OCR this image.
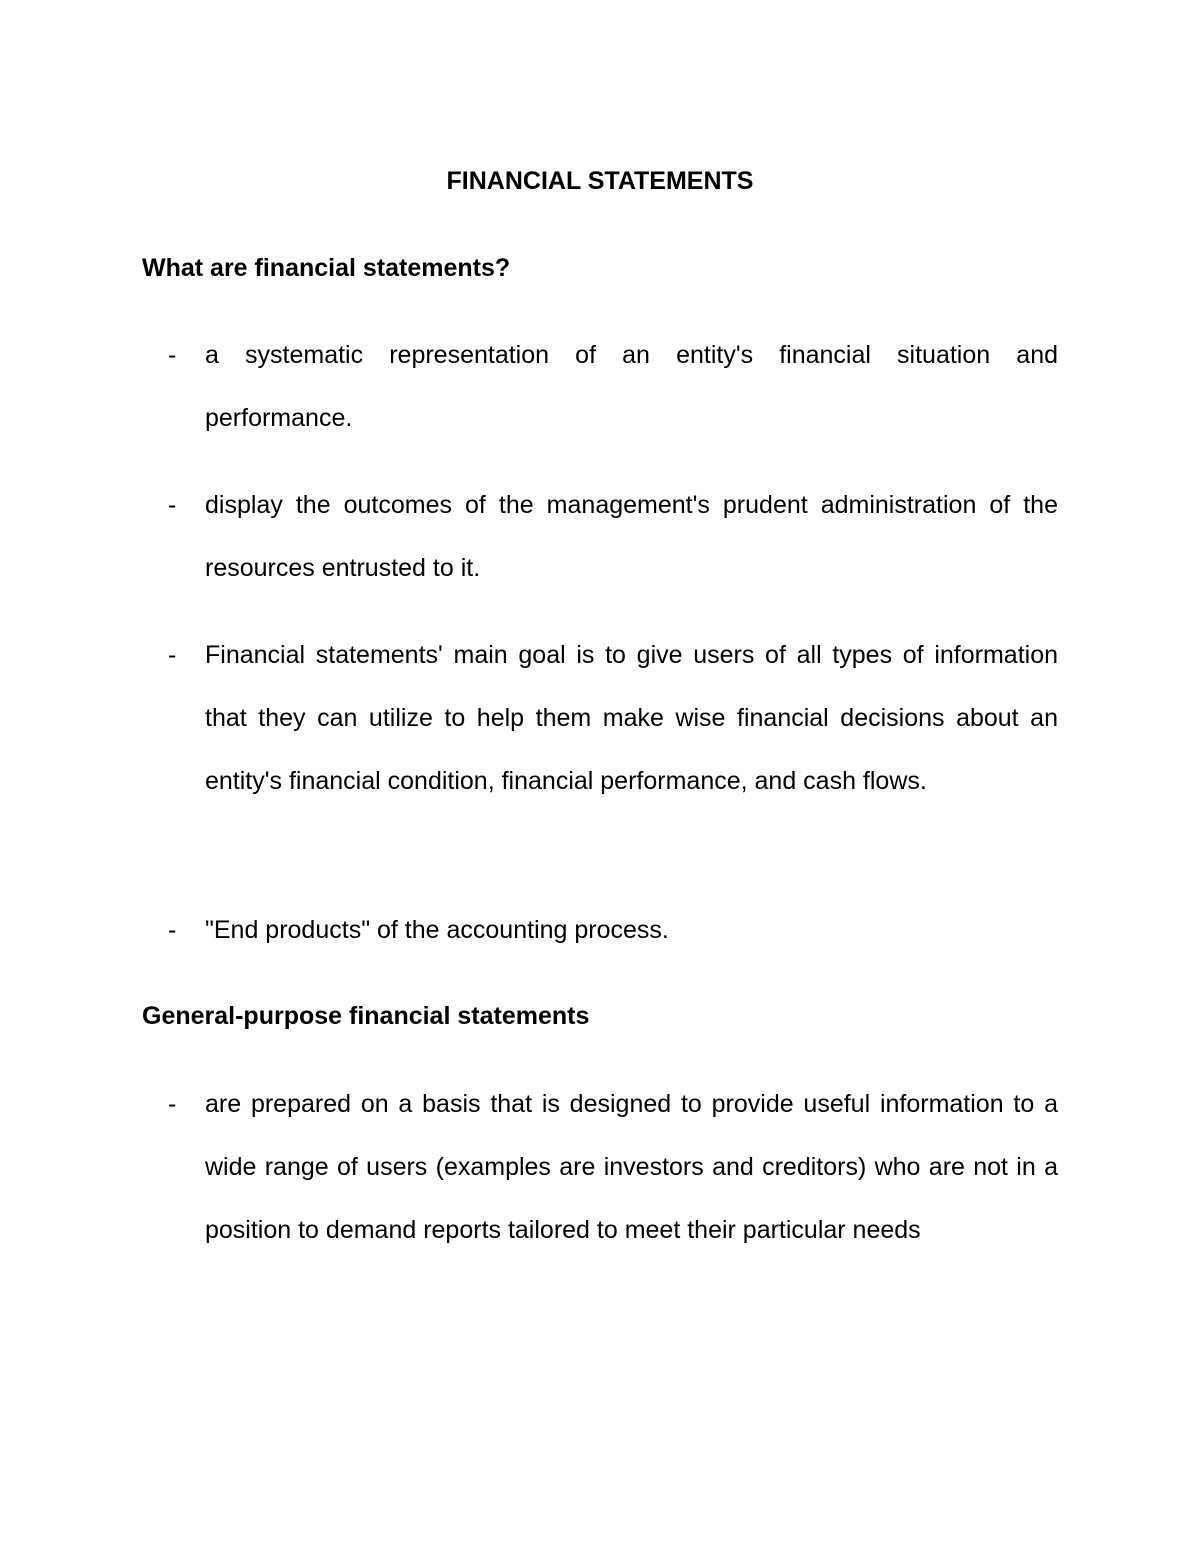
FINANCIAL STATEMENTS
What are financial statements?
-	a systematic representation of an entity's financial situation and performance.

-	display the outcomes of the management's prudent administration of the resources entrusted to it.

-	Financial statements' main goal is to give users of all types of information that they can utilize to help them make wise financial decisions about an entity's financial condition, financial performance, and cash flows.

-	"End products" of the accounting process.

General-purpose financial statements
-	are prepared on a basis that is designed to provide useful information to a wide range of users (examples are investors and creditors) who are not in a position to demand reports tailored to meet their particular needs
